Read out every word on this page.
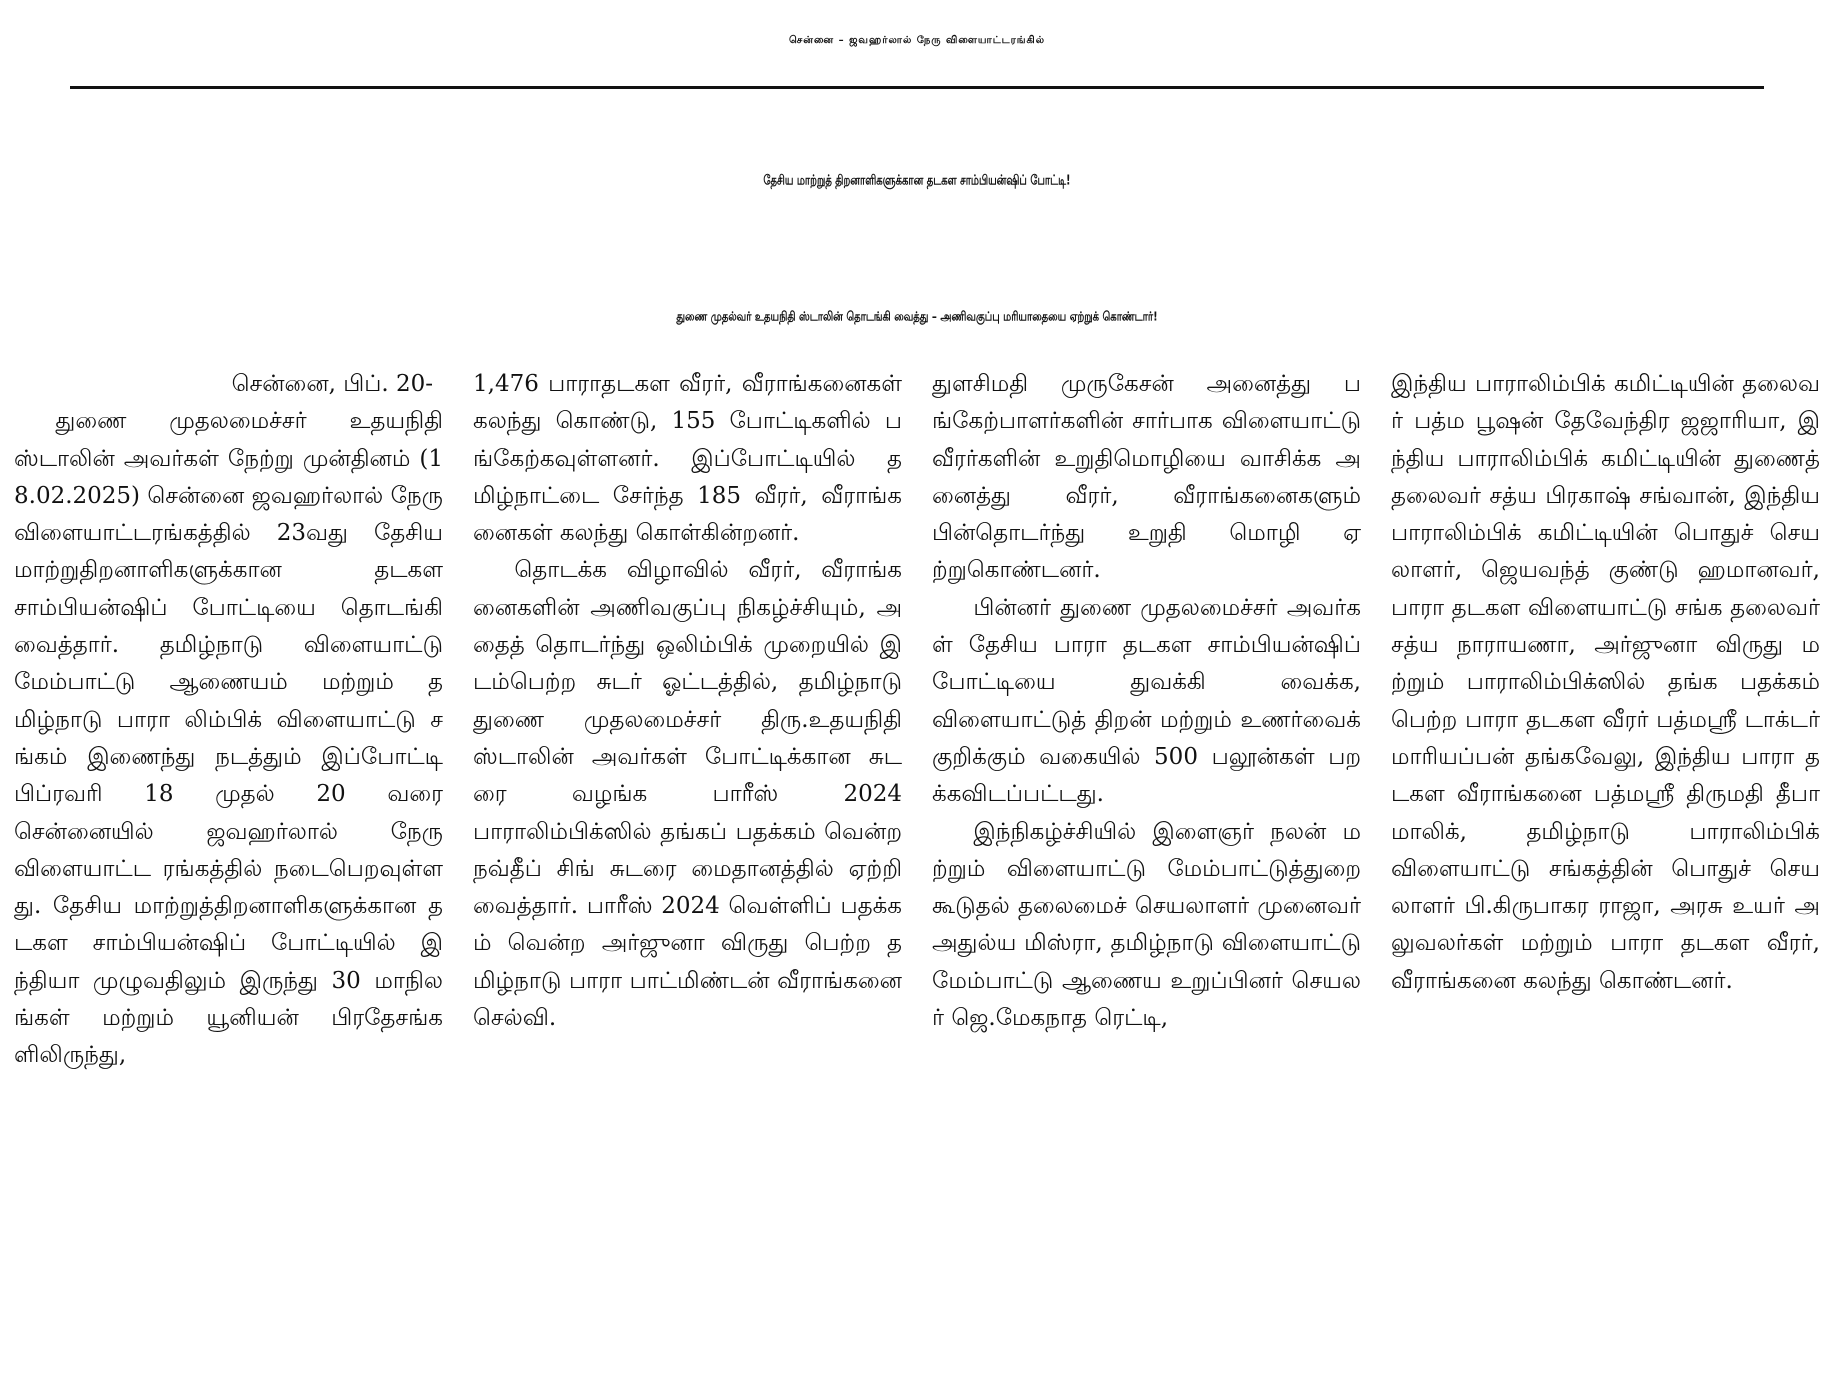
சென்னை – ஜவஹர்லால் நேரு விளையாட்டரங்கில்
தேசிய மாற்றுத் திறனாளிகளுக்கான தடகள சாம்பியன்ஷிப் போட்டி!
துணை முதல்வர் உதயநிதி ஸ்டாலின் தொடங்கி வைத்து – அணிவகுப்பு மரியாதையை ஏற்றுக் கொண்டார்!
சென்னை, பிப். 20-

துணை முதலமைச்சர் உதயநிதி ஸ்டாலின் அவர்கள் நேற்று முன்தினம் (18.02.2025) சென்னை ஜவஹர்லால் நேரு விளையாட்டரங்கத்தில் 23வது தேசிய மாற்றுதிறனாளிகளுக்கான தடகள சாம்பியன்ஷிப் போட்டியை தொடங்கி வைத்தார். தமிழ்நாடு விளையாட்டு மேம்பாட்டு ஆணையம் மற்றும் தமிழ்நாடு பாரா லிம்பிக் விளையாட்டு சங்கம் இணைந்து நடத்தும் இப்போட்டி பிப்ரவரி 18 முதல் 20 வரை சென்னையில் ஜவஹர்லால் நேரு விளையாட்ட ரங்கத்தில் நடைபெறவுள்ளது. தேசிய மாற்றுத்திறனாளிகளுக்கான தடகள சாம்பியன்ஷிப் போட்டியில் இந்தியா முழுவதிலும் இருந்து 30 மாநிலங்கள் மற்றும் யூனியன் பிரதேசங்களிலிருந்து,

1,476 பாராதடகள வீரர், வீராங்கனைகள் கலந்து கொண்டு, 155 போட்டிகளில் பங்கேற்கவுள்ளனர். இப்போட்டியில் தமிழ்நாட்டை சேர்ந்த 185 வீரர், வீராங்கனைகள் கலந்து கொள்கின்றனர்.

தொடக்க விழாவில் வீரர், வீராங்கனைகளின் அணிவகுப்பு நிகழ்ச்சியும், அதைத் தொடர்ந்து ஒலிம்பிக் முறையில் இடம்பெற்ற சுடர் ஓட்டத்தில், தமிழ்நாடு துணை முதலமைச்சர் திரு.உதயநிதி ஸ்டாலின் அவர்கள் போட்டிக்கான சுடரை வழங்க பாரீஸ் 2024 பாராலிம்பிக்ஸில் தங்கப் பதக்கம் வென்ற நவ்தீப் சிங் சுடரை மைதானத்தில் ஏற்றி வைத்தார். பாரீஸ் 2024 வெள்ளிப் பதக்கம் வென்ற அர்ஜுனா விருது பெற்ற தமிழ்நாடு பாரா பாட்மிண்டன் வீராங்கனை செல்வி.

துளசிமதி முருகேசன் அனைத்து பங்கேற்பாளர்களின் சார்பாக விளையாட்டு வீரர்களின் உறுதிமொழியை வாசிக்க அனைத்து வீரர், வீராங்கனைகளும் பின்தொடர்ந்து உறுதி மொழி ஏற்றுகொண்டனர்.

பின்னர் துணை முதலமைச்சர் அவர்கள் தேசிய பாரா தடகள சாம்பியன்ஷிப் போட்டியை துவக்கி வைக்க, விளையாட்டுத் திறன் மற்றும் உணர்வைக் குறிக்கும் வகையில் 500 பலூன்கள் பறக்கவிடப்பட்டது.

இந்நிகழ்ச்சியில் இளைஞர் நலன் மற்றும் விளையாட்டு மேம்பாட்டுத்துறை கூடுதல் தலைமைச் செயலாளர் முனைவர் அதுல்ய மிஸ்ரா, தமிழ்நாடு விளையாட்டு மேம்பாட்டு ஆணைய உறுப்பினர் செயலர் ஜெ.மேகநாத ரெட்டி,

இந்திய பாராலிம்பிக் கமிட்டியின் தலைவர் பத்ம பூஷன் தேவேந்திர ஜஜாரியா, இந்திய பாராலிம்பிக் கமிட்டியின் துணைத் தலைவர் சத்ய பிரகாஷ் சங்வான், இந்திய பாராலிம்பிக் கமிட்டியின் பொதுச் செயலாளர், ஜெயவந்த் குண்டு ஹமானவர், பாரா தடகள விளையாட்டு சங்க தலைவர் சத்ய நாராயணா, அர்ஜுனா விருது மற்றும் பாராலிம்பிக்ஸில் தங்க பதக்கம் பெற்ற பாரா தடகள வீரர் பத்மஸ்ரீ டாக்டர் மாரியப்பன் தங்கவேலு, இந்திய பாரா தடகள வீராங்கனை பத்மஸ்ரீ திருமதி தீபா மாலிக், தமிழ்நாடு பாராலிம்பிக் விளையாட்டு சங்கத்தின் பொதுச் செயலாளர் பி.கிருபாகர ராஜா, அரசு உயர் அலுவலர்கள் மற்றும் பாரா தடகள வீரர், வீராங்கனை கலந்து கொண்டனர்.
